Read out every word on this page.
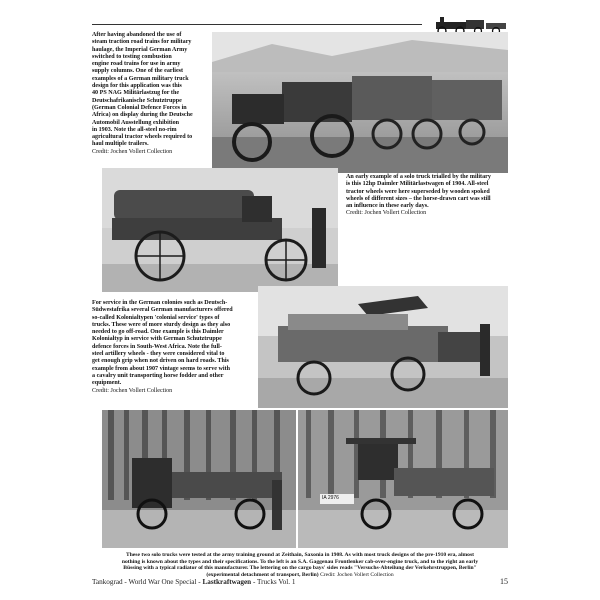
After having abandoned the use of
steam traction road trains for military
haulage, the Imperial German Army
switched to testing combustion
engine road trains for use in army
supply columns. One of the earliest
examples of a German military truck
design for this application was this
40 PS NAG Militärlastzug for the
Deutschafrikanische Schutztruppe
(German Colonial Defence Forces in
Africa) on display during the Deutsche
Automobil Ausstellung exhibition
in 1903. Note the all-steel no-rim
agricultural tractor wheels required to
haul multiple trailers.
Credit: Jochen Vollert Collection
An early example of a solo truck trialled by the military
is this 12hp Daimler Militärlastwagen of 1904. All-steel
tractor wheels were here superseded by wooden spoked
wheels of different sizes – the horse-drawn cart was still
an influence in these early days.
Credit: Jochen Vollert Collection
For service in the German colonies such as Deutsch-
Südwestafrika several German manufacturers offered
so-called Kolonialtypen 'colonial service' types of
trucks. These were of more sturdy design as they also
needed to go off-road. One example is this Daimler
Kolonialtyp in service with German Schutztruppe
defence forces in South-West Africa. Note the full-
steel artillery wheels - they were considered vital to
get enough grip when not driven on hard roads. This
example from about 1907 vintage seems to serve with
a cavalry unit transporting horse fodder and other
equipment.
Credit: Jochen Vollert Collection
IA 2976
These two solo trucks were tested at the army training ground at Zeithain, Saxonia in 1908. As with most truck designs of the pre-1910 era, almost
nothing is known about the types and their specifications. To the left is an S.A. Gaggenau Frontlenker cab-over-engine truck, and to the right an early
Büssing with a typical radiator of this manufacturer. The lettering on the cargo bays' sides reads "Versuchs-Abteilung der Verkehrstruppen, Berlin"
(experimental detachment of transport, Berlin) Credit: Jochen Vollert Collection
Tankograd - World War One Special - Lastkraftwagen - Trucks Vol. 1	15
